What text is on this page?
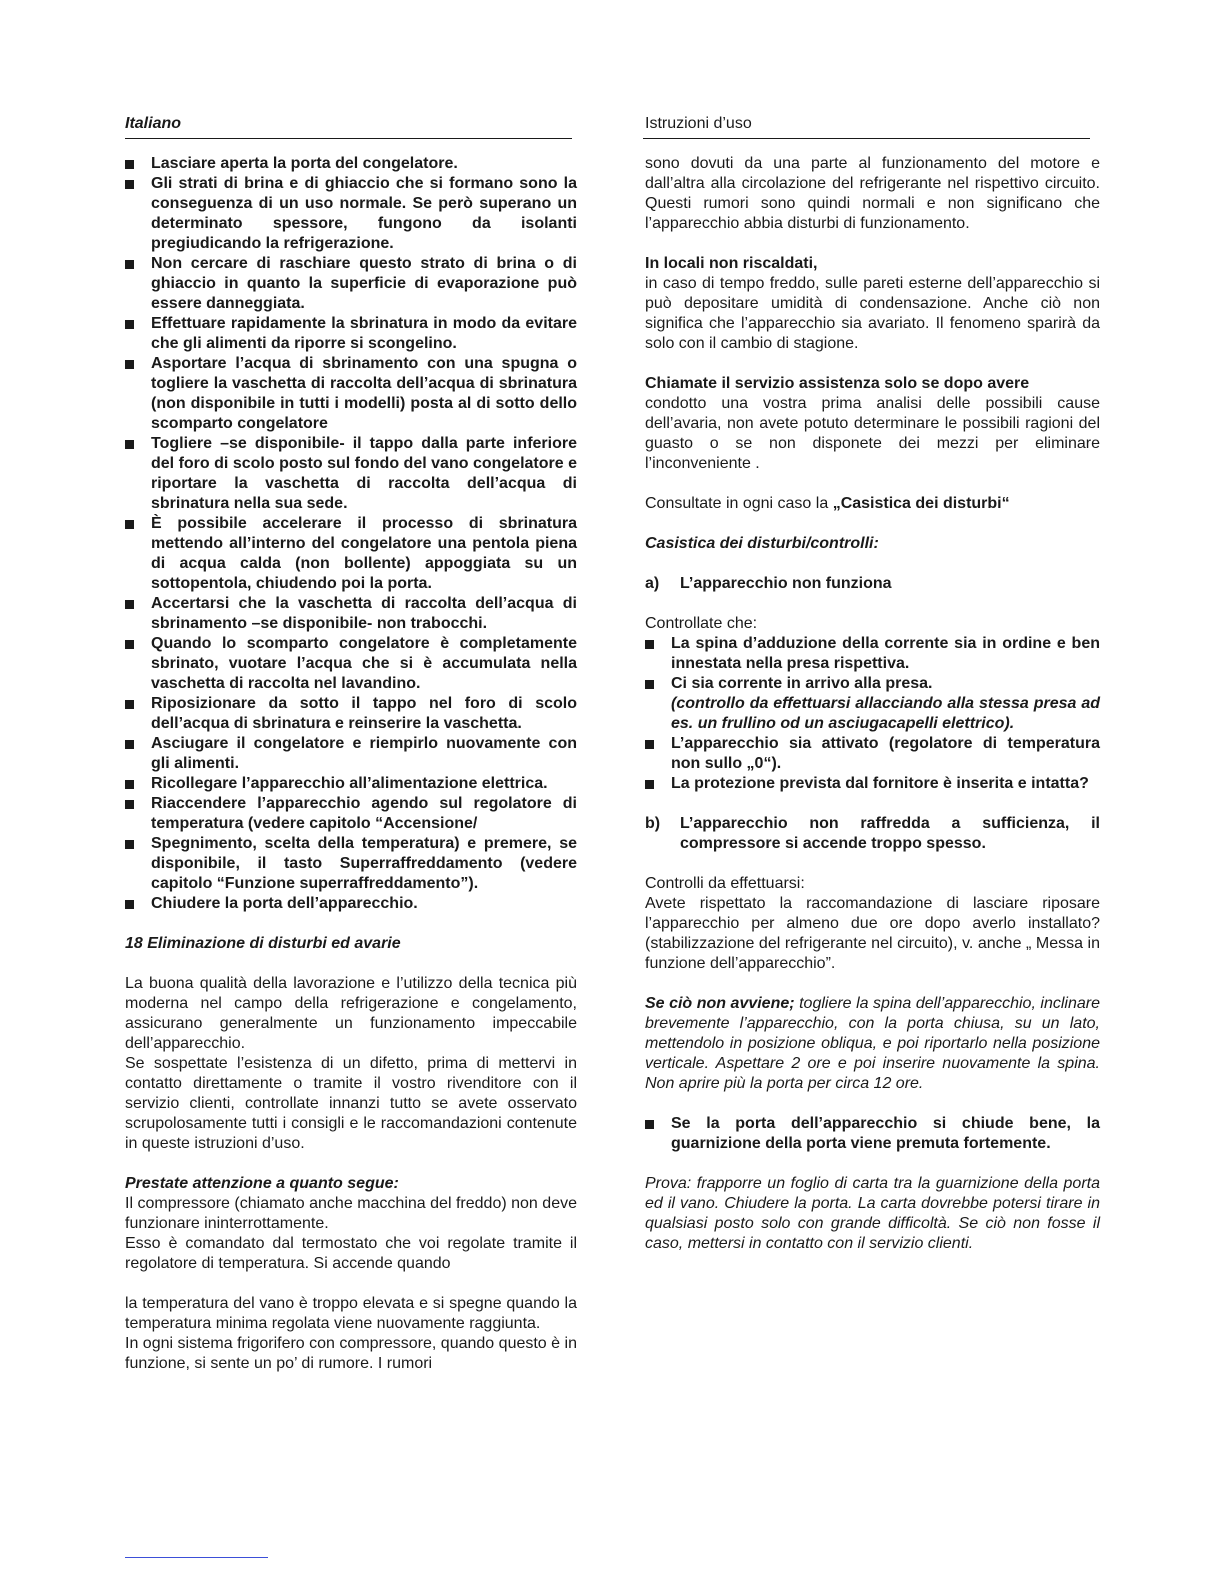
Italiano	Istruzioni d’uso
Lasciare aperta la porta del congelatore.
Gli strati di brina e di ghiaccio che si formano sono la conseguenza di un uso normale. Se però superano un determinato spessore, fungono da isolanti pregiudicando la refrigerazione.
Non cercare di raschiare questo strato di brina o di ghiaccio in quanto la superficie di evaporazione può essere danneggiata.
Effettuare rapidamente la sbrinatura in modo da evitare che gli alimenti da riporre si scongelino.
Asportare l’acqua di sbrinamento con una spugna o togliere la vaschetta di raccolta dell’acqua di sbrinatura (non disponibile in tutti i modelli) posta al di sotto dello scomparto congelatore
Togliere –se disponibile- il tappo dalla parte inferiore del foro di scolo posto sul fondo del vano congelatore e riportare la vaschetta di raccolta dell’acqua di sbrinatura nella sua sede.
È possibile accelerare il processo di sbrinatura mettendo all’interno del congelatore una pentola piena di acqua calda (non bollente) appoggiata su un sottopentola, chiudendo poi la porta.
Accertarsi che la vaschetta di raccolta dell’acqua di sbrinamento –se disponibile- non trabocchi.
Quando lo scomparto congelatore è completamente sbrinato, vuotare l’acqua che si è accumulata nella vaschetta di raccolta nel lavandino.
Riposizionare da sotto il tappo nel foro di scolo dell’acqua di sbrinatura e reinserire la vaschetta.
Asciugare il congelatore e riempirlo nuovamente con gli alimenti.
Ricollegare l’apparecchio all’alimentazione elettrica.
Riaccendere l’apparecchio agendo sul regolatore di temperatura (vedere capitolo “Accensione/
Spegnimento, scelta della temperatura) e premere, se disponibile, il tasto Superraffreddamento (vedere capitolo “Funzione superraffreddamento”).
Chiudere la porta dell’apparecchio.

18 Eliminazione di disturbi ed avarie

La buona qualità della lavorazione e l’utilizzo della tecnica più moderna nel campo della refrigerazione e congelamento, assicurano generalmente un funzionamento impeccabile dell’apparecchio.

Se sospettate l’esistenza di un difetto, prima di mettervi in contatto direttamente o tramite il vostro rivenditore con il servizio clienti, controllate innanzi tutto se avete osservato scrupolosamente tutti i consigli e le raccomandazioni contenute in queste istruzioni d’uso.

Prestate attenzione a quanto segue:

Il compressore (chiamato anche macchina del freddo) non deve funzionare ininterrottamente.

Esso è comandato dal termostato che voi regolate tramite il regolatore di temperatura. Si accende quando

la temperatura del vano è troppo elevata e si spegne quando la temperatura minima regolata viene nuovamente raggiunta.

In ogni sistema frigorifero con compressore, quando questo è in funzione, si sente un po’ di rumore. I rumori

sono dovuti da una parte al funzionamento del motore e dall’altra alla circolazione del refrigerante nel rispettivo circuito. Questi rumori sono quindi normali e non significano che l’apparecchio abbia disturbi di funzionamento.

In locali non riscaldati,

in caso di tempo freddo, sulle pareti esterne dell’apparecchio si può depositare umidità di condensazione. Anche ciò non significa che l’apparecchio sia avariato. Il fenomeno sparirà da solo con il cambio di stagione.

Chiamate il servizio assistenza solo se dopo avere

condotto una vostra prima analisi delle possibili cause dell’avaria, non avete potuto determinare le possibili ragioni del guasto o se non disponete dei mezzi per eliminare l’inconveniente .

Consultate in ogni caso la „Casistica dei disturbi“

Casistica dei disturbi/controlli:

a)	L’apparecchio non funziona

Controllate che:

La spina d’adduzione della corrente sia in ordine e ben innestata nella presa rispettiva.
Ci sia corrente in arrivo alla presa.
(controllo da effettuarsi allacciando alla stessa presa ad es. un frullino od un asciugacapelli elettrico).
L’apparecchio sia attivato (regolatore di temperatura non sullo „0“).
La protezione prevista dal fornitore è inserita e intatta?
b)	L’apparecchio non raffredda a sufficienza, il compressore si accende troppo spesso.

Controlli da effettuarsi:

Avete rispettato la raccomandazione di lasciare riposare l’apparecchio per almeno due ore dopo averlo installato? (stabilizzazione del refrigerante nel circuito), v. anche „ Messa in funzione dell’apparecchio”.

Se ciò non avviene; togliere la spina dell’apparecchio, inclinare brevemente l’apparecchio, con la porta chiusa, su un lato, mettendolo in posizione obliqua, e poi riportarlo nella posizione verticale. Aspettare 2 ore e poi inserire nuovamente la spina. Non aprire più la porta per circa 12 ore.

Se la porta dell’apparecchio si chiude bene, la guarnizione della porta viene premuta fortemente.

Prova: frapporre un foglio di carta tra la guarnizione della porta ed il vano. Chiudere la porta. La carta dovrebbe potersi tirare in qualsiasi posto solo con grande difficoltà. Se ciò non fosse il caso, mettersi in contatto con il servizio clienti.
